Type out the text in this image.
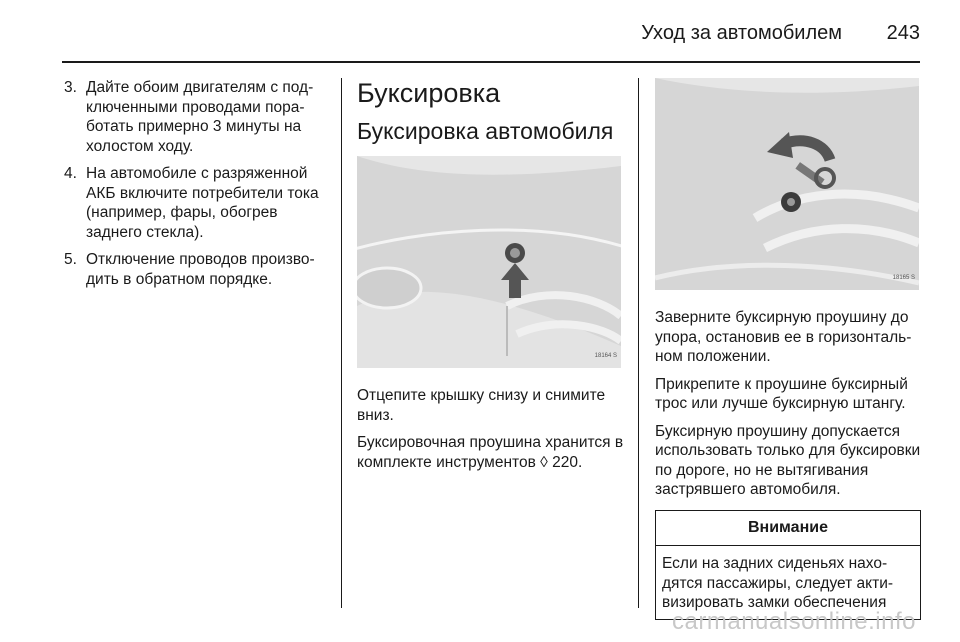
Уход за автомобилем 243
3. Дайте обоим двигателям с подключенными проводами поработать примерно 3 минуты на холостом ходу.
4. На автомобиле с разряженной АКБ включите потребители тока (например, фары, обогрев заднего стекла).
5. Отключение проводов производить в обратном порядке.
Буксировка
Буксировка автомобиля
18164 S
Отцепите крышку снизу и снимите вниз.
Буксировочная проушина хранится в комплекте инструментов ◊ 220.
18165 S
Заверните буксирную проушину до упора, остановив ее в горизонтальном положении.
Прикрепите к проушине буксирный трос или лучше буксирную штангу.
Буксирную проушину допускается использовать только для буксировки по дороге, но не вытягивания застрявшего автомобиля.
Внимание
Если на задних сиденьях находятся пассажиры, следует активизировать замки обеспечения
carmanualsonline.info
